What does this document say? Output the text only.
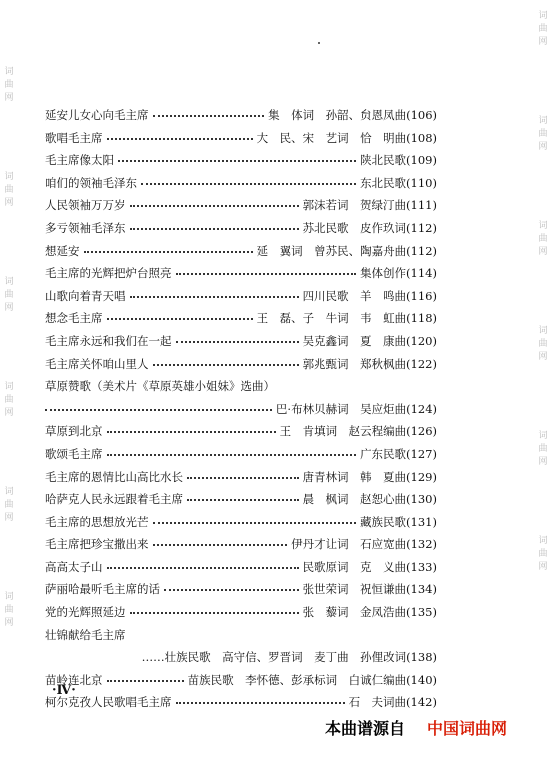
词
曲
网
词
曲
网
词
曲
网
词
曲
网
词
曲
网
词
曲
网
词
曲
网
词
曲
网
词
曲
网
词
曲
网
词
曲
网
词
曲
网
延安儿女心向毛主席	集　体词　孙韶、贠恩凤曲(106)
歌唱毛主席	大　民、宋　艺词　恰　明曲(108)
毛主席像太阳	陕北民歌(109)
咱们的领袖毛泽东	东北民歌(110)
人民领袖万万岁	郭沫若词　贺绿汀曲(111)
多亏领袖毛泽东	苏北民歌　皮作玖词(112)
想延安	延　翼词　曾苏民、陶嘉舟曲(112)
毛主席的光辉把炉台照亮	集体创作(114)
山歌向着青天唱	四川民歌　羊　鸣曲(116)
想念毛主席	王　磊、子　牛词　韦　虹曲(118)
毛主席永远和我们在一起	吴克鑫词　夏　康曲(120)
毛主席关怀咱山里人	郭兆甄词　郑秋枫曲(122)
草原赞歌（美术片《草原英雄小姐妹》选曲）
巴·布林贝赫词　吴应炬曲(124)
草原到北京	王　肯填词　赵云程编曲(126)
歌颂毛主席	广东民歌(127)
毛主席的恩情比山高比水长	唐青林词　韩　夏曲(129)
哈萨克人民永远跟着毛主席	晨　枫词　赵恕心曲(130)
毛主席的思想放光芒	藏族民歌(131)
毛主席把珍宝撒出来	伊丹才让词　石应宽曲(132)
高高太子山	民歌原词　克　义曲(133)
萨丽哈最听毛主席的话	张世荣词　祝恒谦曲(134)
党的光辉照延边	张　藜词　金凤浩曲(135)
壮锦献给毛主席
……壮族民歌　高守信、罗晋词　麦丁曲　孙俚改词(138)
苗岭连北京	苗族民歌　李怀德、彭承标词　白诚仁编曲(140)
柯尔克孜人民歌唱毛主席	石　夫词曲(142)
·Ⅳ·
本曲谱源自 中国词曲网
